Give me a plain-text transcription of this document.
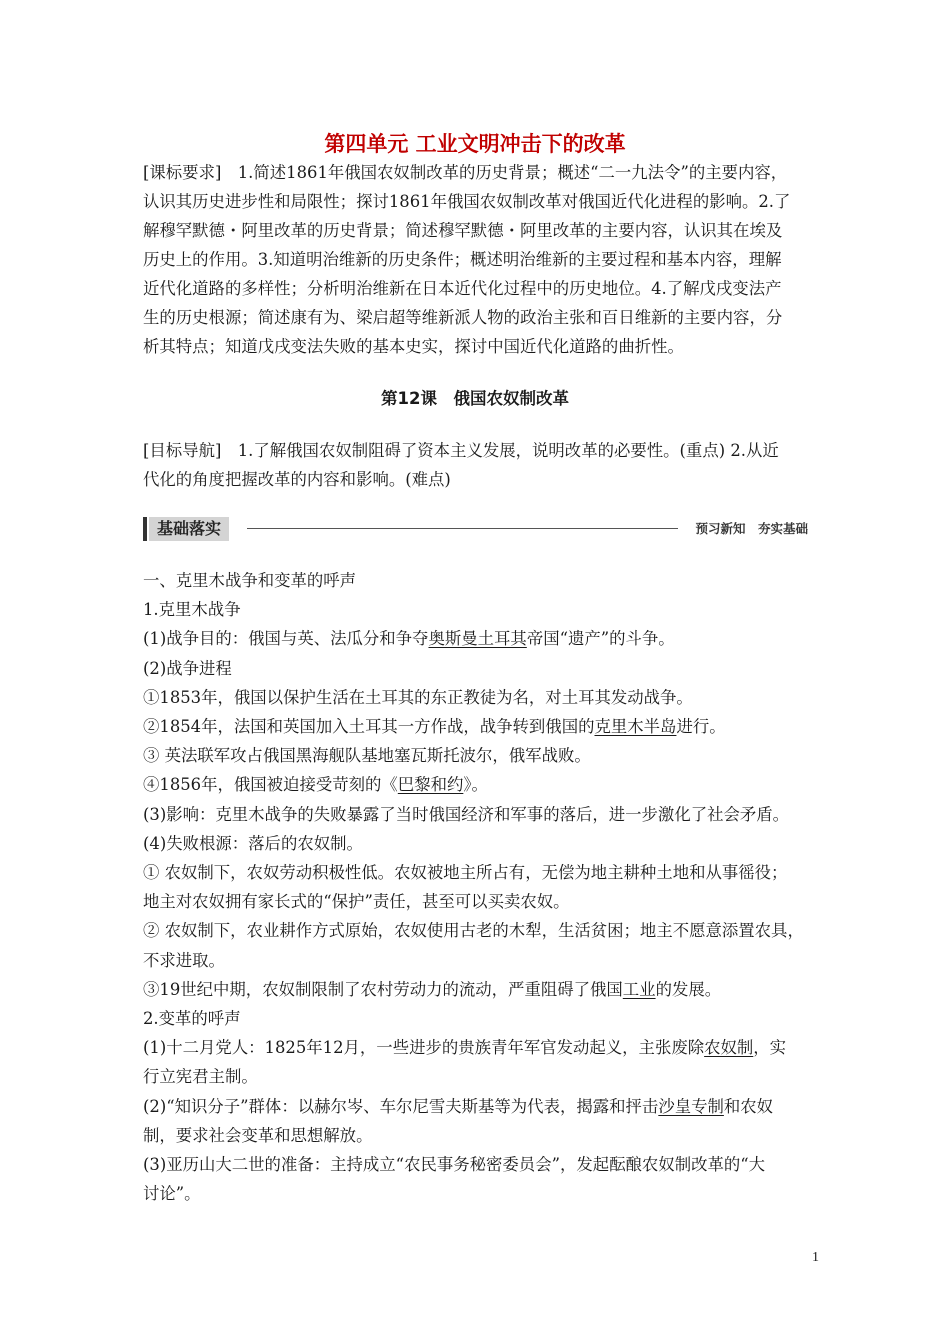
第四单元 工业文明冲击下的改革
[课标要求]　1.简述1861年俄国农奴制改革的历史背景；概述“二一九法令”的主要内容，
认识其历史进步性和局限性；探讨1861年俄国农奴制改革对俄国近代化进程的影响。2.了
解穆罕默德・阿里改革的历史背景；简述穆罕默德・阿里改革的主要内容，认识其在埃及
历史上的作用。3.知道明治维新的历史条件；概述明治维新的主要过程和基本内容，理解
近代化道路的多样性；分析明治维新在日本近代化过程中的历史地位。4.了解戊戌变法产
生的历史根源；简述康有为、梁启超等维新派人物的政治主张和百日维新的主要内容，分
析其特点；知道戊戌变法失败的基本史实，探讨中国近代化道路的曲折性。
第12课　俄国农奴制改革
[目标导航]　1.了解俄国农奴制阻碍了资本主义发展，说明改革的必要性。(重点) 2.从近
代化的角度把握改革的内容和影响。(难点)
基础落实	预习新知　夯实基础

一、克里木战争和变革的呼声

1.克里木战争

(1)战争目的：俄国与英、法瓜分和争夺奥斯曼土耳其帝国“遗产”的斗争。

(2)战争进程

①1853年，俄国以保护生活在土耳其的东正教徒为名，对土耳其发动战争。

②1854年，法国和英国加入土耳其一方作战，战争转到俄国的克里木半岛进行。

③ 英法联军攻占俄国黑海舰队基地塞瓦斯托波尔，俄军战败。

④1856年，俄国被迫接受苛刻的《巴黎和约》。

(3)影响：克里木战争的失败暴露了当时俄国经济和军事的落后，进一步激化了社会矛盾。

(4)失败根源：落后的农奴制。

① 农奴制下，农奴劳动积极性低。农奴被地主所占有，无偿为地主耕种土地和从事徭役；

地主对农奴拥有家长式的“保护”责任，甚至可以买卖农奴。

② 农奴制下，农业耕作方式原始，农奴使用古老的木犁，生活贫困；地主不愿意添置农具，

不求进取。

③19世纪中期，农奴制限制了农村劳动力的流动，严重阻碍了俄国工业的发展。

2.变革的呼声

(1)十二月党人：1825年12月，一些进步的贵族青年军官发动起义，主张废除农奴制，实

行立宪君主制。

(2)“知识分子”群体：以赫尔岑、车尔尼雪夫斯基等为代表，揭露和抨击沙皇专制和农奴

制，要求社会变革和思想解放。

(3)亚历山大二世的准备：主持成立“农民事务秘密委员会”，发起酝酿农奴制改革的“大

讨论”。

1
